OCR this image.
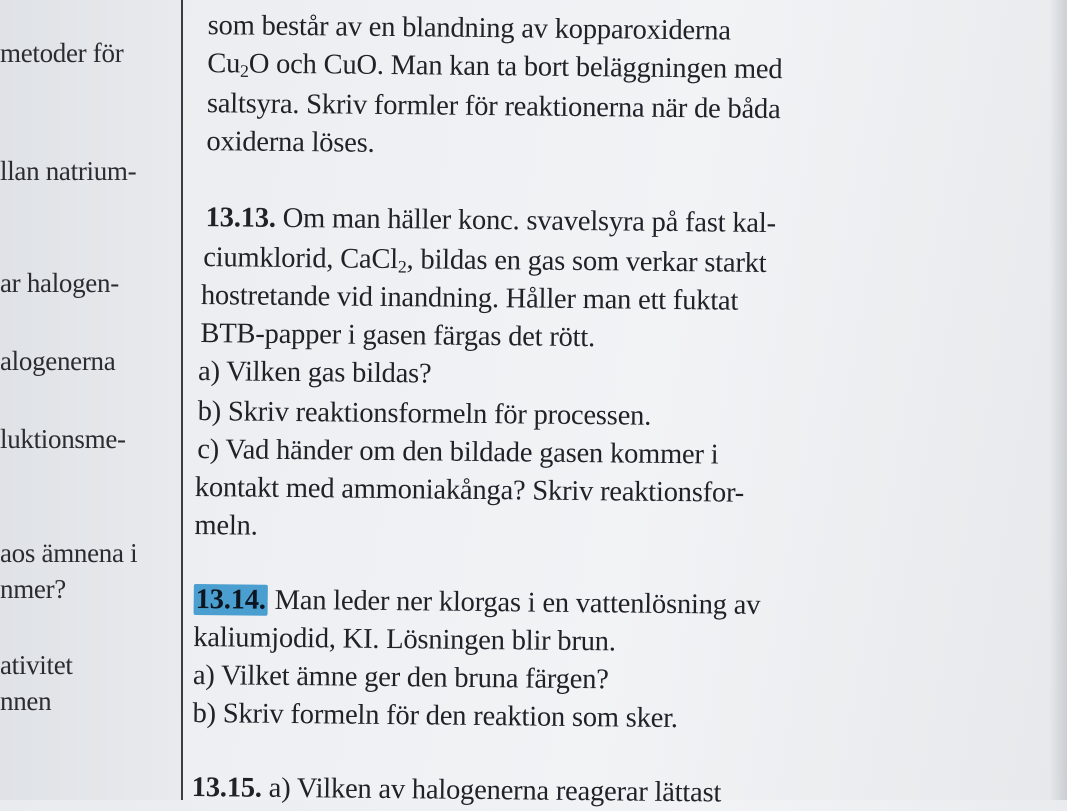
metoder för
llan natrium-
ar halogen-
alogenerna
luktionsme-
aos ämnena i
nmer?
ativitet
nnen
som består av en blandning av kopparoxiderna
$Cu_2O$ och CuO. Man kan ta bort beläggningen med
saltsyra. Skriv formler för reaktionerna när de båda
oxiderna löses.
13.13. Om man häller konc. svavelsyra på fast kal-
ciumklorid, CaCl$_2$, bildas en gas som verkar starkt
hostretande vid inandning. Håller man ett fuktat
BTB-papper i gasen färgas det rött.
a) Vilken gas bildas?
b) Skriv reaktionsformeln för processen.
c) Vad händer om den bildade gasen kommer i
kontakt med ammoniakånga? Skriv reaktionsfor-
meln.
13.14. Man leder ner klorgas i en vattenlösning av
kaliumjodid, KI. Lösningen blir brun.
a) Vilket ämne ger den bruna färgen?
b) Skriv formeln för den reaktion som sker.
13.15. a) Vilken av halogenerna reagerar lättast
